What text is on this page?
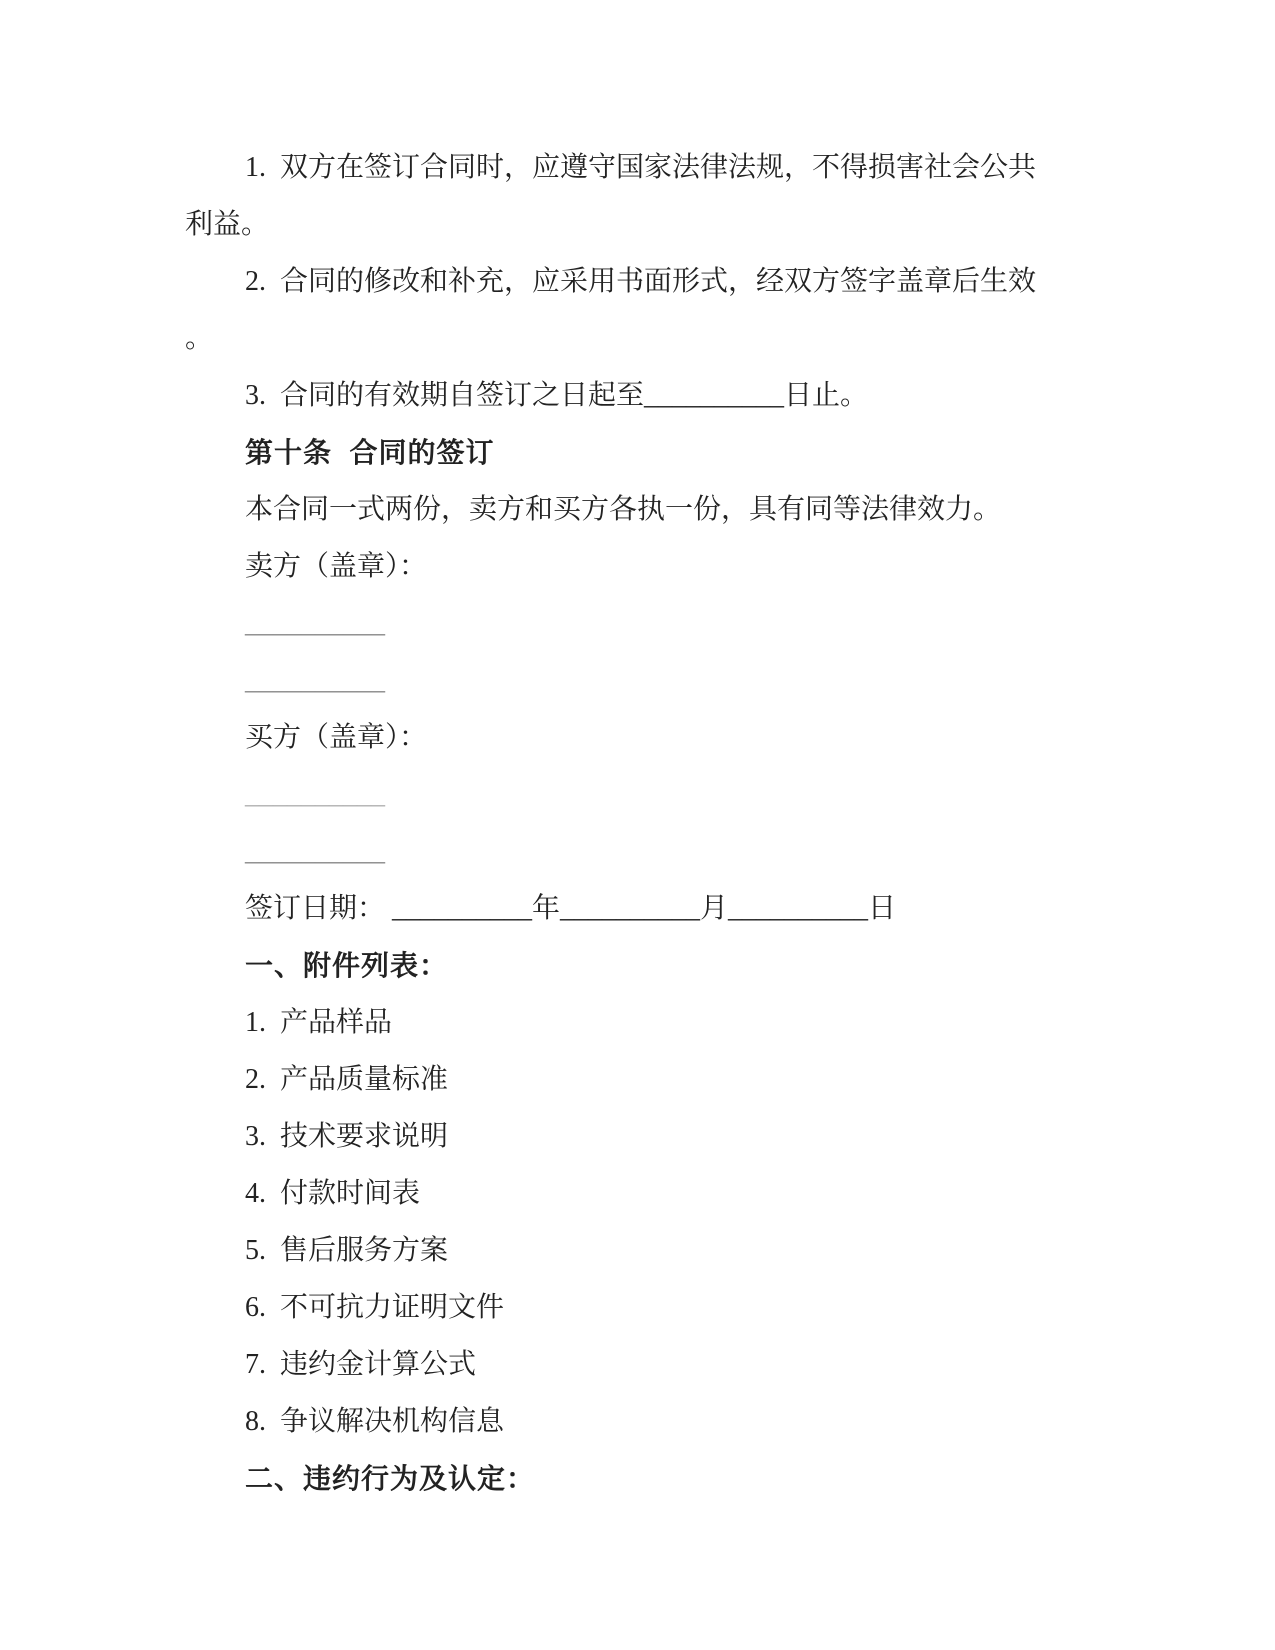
1.  双方在签订合同时，应遵守国家法律法规，不得损害社会公共
利益。
2.  合同的修改和补充，应采用书面形式，经双方签字盖章后生效
。
3.  合同的有效期自签订之日起至__________日止。
第十条  合同的签订
本合同一式两份，卖方和买方各执一份，具有同等法律效力。
卖方（盖章）：
__________
__________
买方（盖章）：
__________
__________
签订日期： __________年__________月__________日
一、附件列表：
1.  产品样品
2.  产品质量标准
3.  技术要求说明
4.  付款时间表
5.  售后服务方案
6.  不可抗力证明文件
7.  违约金计算公式
8.  争议解决机构信息
二、违约行为及认定：
